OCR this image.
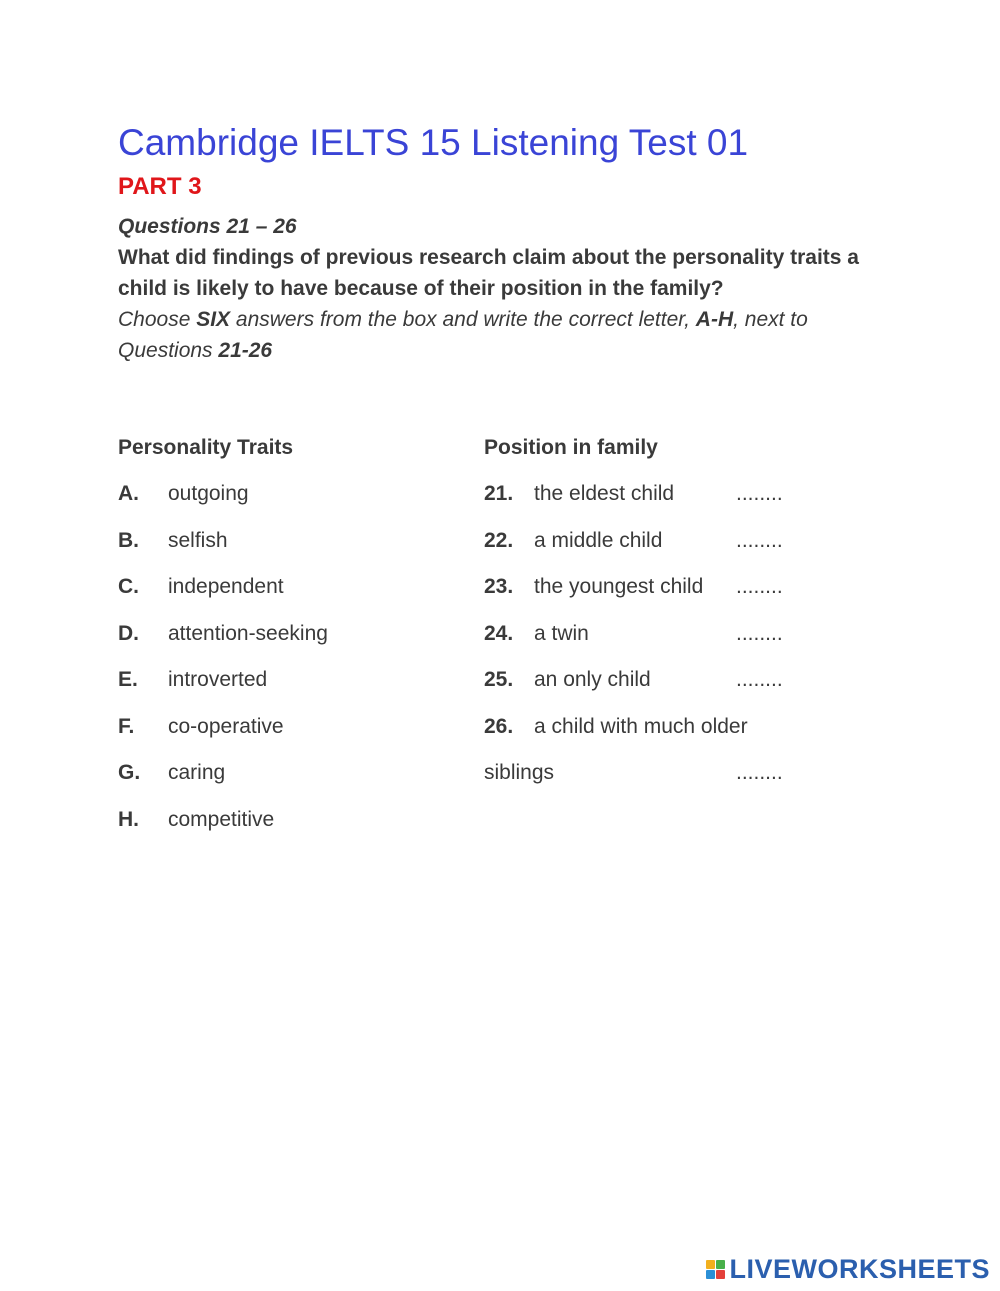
Cambridge IELTS 15 Listening Test 01
PART 3
Questions 21 – 26
What did findings of previous research claim about the personality traits a child is likely to have because of their position in the family?
Choose SIX answers from the box and write the correct letter, A-H, next to Questions 21-26
Personality Traits
A. outgoing
B. selfish
C. independent
D. attention-seeking
E. introverted
F. co-operative
G. caring
H. competitive
Position in family
21. the eldest child	........
22. a middle child	........
23. the youngest child ........
24. a twin	........
25. an only child	........
26. a child with much older
siblings	........
LIVEWORKSHEETS
